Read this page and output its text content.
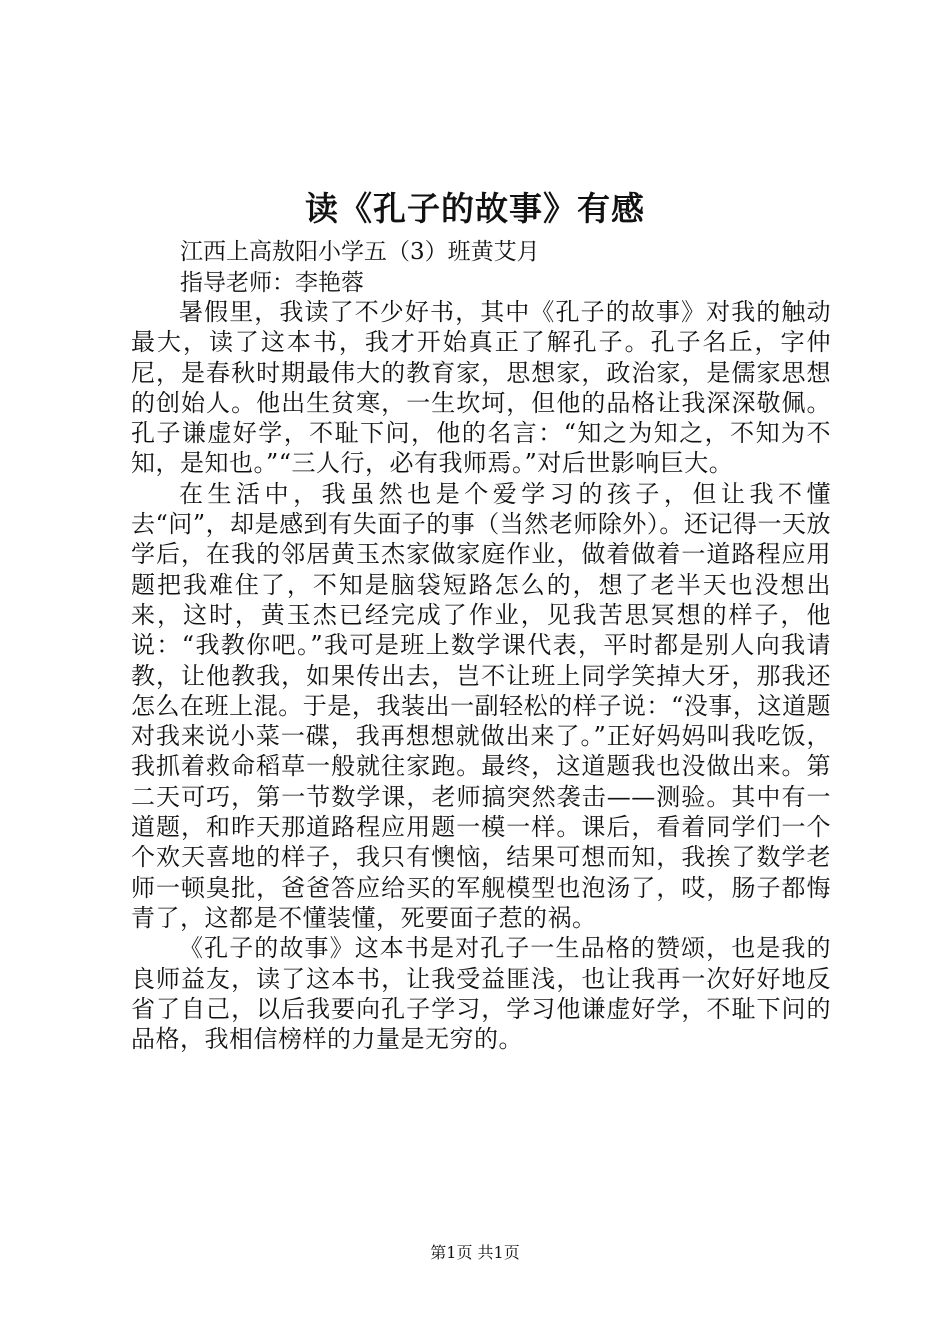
读《孔子的故事》有感
江西上高敖阳小学五（3）班黄艾月
指导老师：李艳蓉

暑假里，我读了不少好书，其中《孔子的故事》对我的触动最大，读了这本书，我才开始真正了解孔子。孔子名丘，字仲尼，是春秋时期最伟大的教育家，思想家，政治家，是儒家思想的创始人。他出生贫寒，一生坎坷，但他的品格让我深深敬佩。孔子谦虚好学，不耻下问，他的名言：“知之为知之，不知为不知，是知也。”“三人行，必有我师焉。”对后世影响巨大。

在生活中，我虽然也是个爱学习的孩子，但让我不懂去“问”，却是感到有失面子的事（当然老师除外）。还记得一天放学后，在我的邻居黄玉杰家做家庭作业，做着做着一道路程应用题把我难住了，不知是脑袋短路怎么的，想了老半天也没想出来，这时，黄玉杰已经完成了作业，见我苦思冥想的样子，他说：“我教你吧。”我可是班上数学课代表，平时都是别人向我请教，让他教我，如果传出去，岂不让班上同学笑掉大牙，那我还怎么在班上混。于是，我装出一副轻松的样子说：“没事，这道题对我来说小菜一碟，我再想想就做出来了。”正好妈妈叫我吃饭，我抓着救命稻草一般就往家跑。最终，这道题我也没做出来。第二天可巧，第一节数学课，老师搞突然袭击——测验。其中有一道题，和昨天那道路程应用题一模一样。课后，看着同学们一个个欢天喜地的样子，我只有懊恼，结果可想而知，我挨了数学老师一顿臭批，爸爸答应给买的军舰模型也泡汤了，哎，肠子都悔青了，这都是不懂装懂，死要面子惹的祸。

《孔子的故事》这本书是对孔子一生品格的赞颂，也是我的良师益友，读了这本书，让我受益匪浅，也让我再一次好好地反省了自己，以后我要向孔子学习，学习他谦虚好学，不耻下问的品格，我相信榜样的力量是无穷的。

第1页 共1页
